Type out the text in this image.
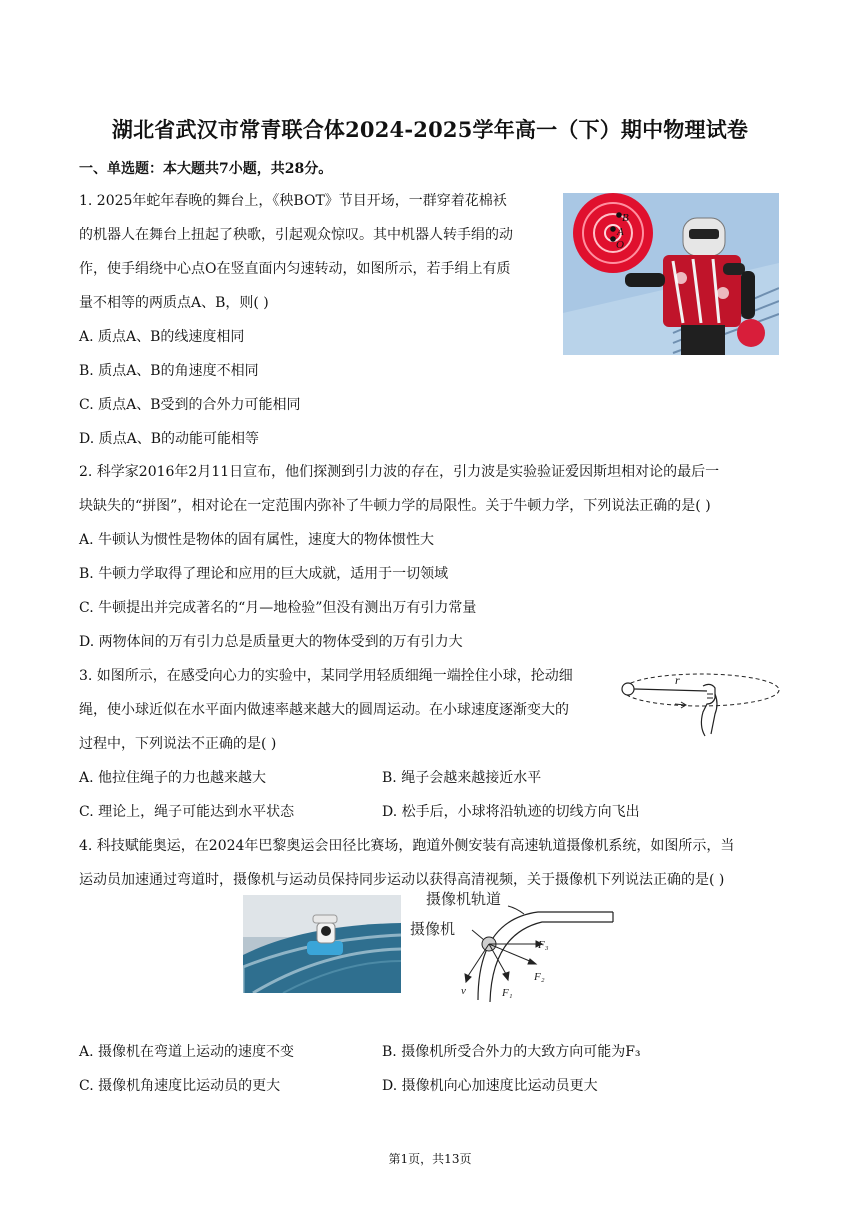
湖北省武汉市常青联合体2024-2025学年高一（下）期中物理试卷
一、单选题：本大题共7小题，共28分。
1. 2025年蛇年春晚的舞台上，《秧BOT》节目开场，一群穿着花棉袄
的机器人在舞台上扭起了秧歌，引起观众惊叹。其中机器人转手绢的动
作，使手绢绕中心点O在竖直面内匀速转动，如图所示，若手绢上有质
量不相等的两质点A、B，则( )
A. 质点A、B的线速度相同
B. 质点A、B的角速度不相同
C. 质点A、B受到的合外力可能相同
D. 质点A、B的动能可能相等
B
A
O
2. 科学家2016年2月11日宣布，他们探测到引力波的存在，引力波是实验验证爱因斯坦相对论的最后一
块缺失的“拼图”，相对论在一定范围内弥补了牛顿力学的局限性。关于牛顿力学，下列说法正确的是( )
A. 牛顿认为惯性是物体的固有属性，速度大的物体惯性大
B. 牛顿力学取得了理论和应用的巨大成就，适用于一切领域
C. 牛顿提出并完成著名的“月—地检验”但没有测出万有引力常量
D. 两物体间的万有引力总是质量更大的物体受到的万有引力大
3. 如图所示，在感受向心力的实验中，某同学用轻质细绳一端拴住小球，抡动细
绳，使小球近似在水平面内做速率越来越大的圆周运动。在小球速度逐渐变大的
过程中，下列说法不正确的是( )
A. 他拉住绳子的力也越来越大	B. 绳子会越来越接近水平
C. 理论上，绳子可能达到水平状态	D. 松手后，小球将沿轨迹的切线方向飞出
r
4. 科技赋能奥运，在2024年巴黎奥运会田径比赛场，跑道外侧安装有高速轨道摄像机系统，如图所示，当
运动员加速通过弯道时，摄像机与运动员保持同步运动以获得高清视频，关于摄像机下列说法正确的是( )
摄像机轨道
摄像机
F₃
F₂
F₁
v
A. 摄像机在弯道上运动的速度不变	B. 摄像机所受合外力的大致方向可能为F₃
C. 摄像机角速度比运动员的更大	D. 摄像机向心加速度比运动员更大
第1页，共13页
